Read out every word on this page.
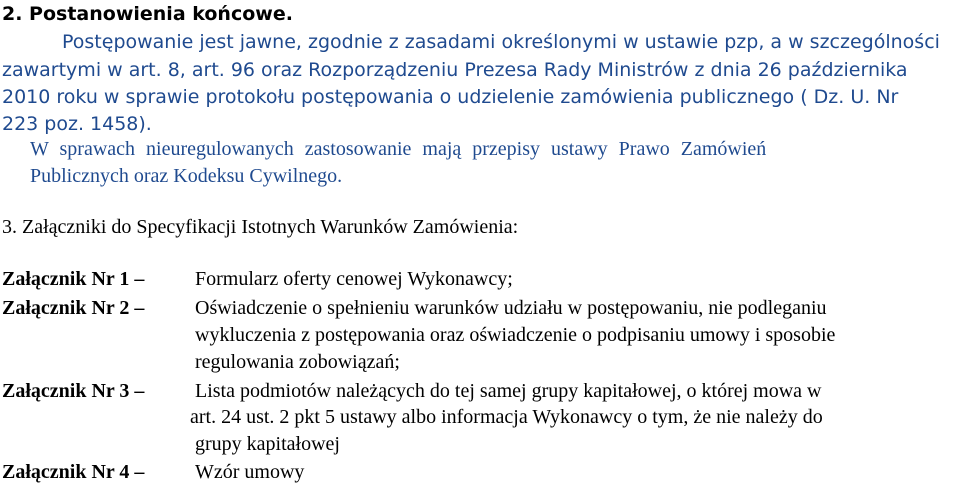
2. Postanowienia końcowe.
Postępowanie jest jawne, zgodnie z zasadami określonymi w ustawie pzp, a w szczególności
zawartymi w art. 8, art. 96 oraz Rozporządzeniu Prezesa Rady Ministrów z dnia 26 października
2010 roku w sprawie protokołu postępowania o udzielenie zamówienia publicznego ( Dz. U. Nr
223 poz. 1458).
W sprawach nieuregulowanych zastosowanie mają przepisy ustawy Prawo Zamówień
Publicznych oraz Kodeksu Cywilnego.
3. Załączniki do Specyfikacji Istotnych Warunków Zamówienia:
Załącznik Nr 1 –	Formularz oferty cenowej Wykonawcy;
Załącznik Nr 2 –	Oświadczenie o spełnieniu warunków udziału w postępowaniu, nie podleganiu
wykluczenia z postępowania oraz oświadczenie o podpisaniu umowy i sposobie
regulowania zobowiązań;
Załącznik Nr 3 –	Lista podmiotów należących do tej samej grupy kapitałowej, o której mowa w
art. 24 ust. 2 pkt 5 ustawy albo informacja Wykonawcy o tym, że nie należy do
grupy kapitałowej
Załącznik Nr 4 –	Wzór umowy
